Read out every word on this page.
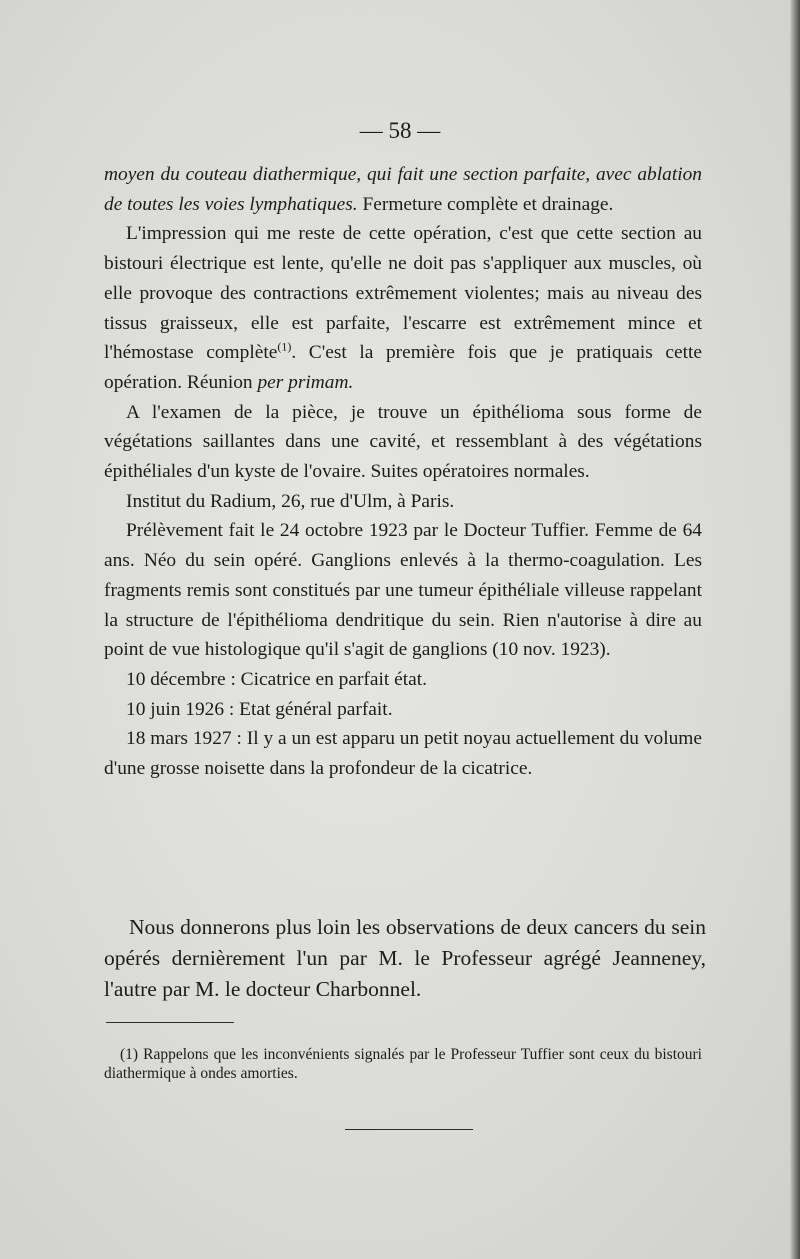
— 58 —

moyen du couteau diathermique, qui fait une section parfaite, avec ablation de toutes les voies lymphatiques. Fermeture complète et drainage.

L'impression qui me reste de cette opération, c'est que cette section au bistouri électrique est lente, qu'elle ne doit pas s'appliquer aux muscles, où elle provoque des contractions extrêmement violentes; mais au niveau des tissus graisseux, elle est parfaite, l'escarre est extrêmement mince et l'hémostase complète$^{(1)}$. C'est la première fois que je pratiquais cette opération. Réunion per primam.

A l'examen de la pièce, je trouve un épithélioma sous forme de végétations saillantes dans une cavité, et ressemblant à des végétations épithéliales d'un kyste de l'ovaire. Suites opératoires normales.

Institut du Radium, 26, rue d'Ulm, à Paris.

Prélèvement fait le 24 octobre 1923 par le Docteur Tuffier. Femme de 64 ans. Néo du sein opéré. Ganglions enlevés à la thermo-coagulation. Les fragments remis sont constitués par une tumeur épithéliale villeuse rappelant la structure de l'épithélioma dendritique du sein. Rien n'autorise à dire au point de vue histologique qu'il s'agit de ganglions (10 nov. 1923).

10 décembre : Cicatrice en parfait état.

10 juin 1926 : Etat général parfait.

18 mars 1927 : Il y a un est apparu un petit noyau actuellement du volume d'une grosse noisette dans la profondeur de la cicatrice.

Nous donnerons plus loin les observations de deux cancers du sein opérés dernièrement l'un par M. le Professeur agrégé Jeanneney, l'autre par M. le docteur Charbonnel.

(1) Rappelons que les inconvénients signalés par le Professeur Tuffier sont ceux du bistouri diathermique à ondes amorties.
